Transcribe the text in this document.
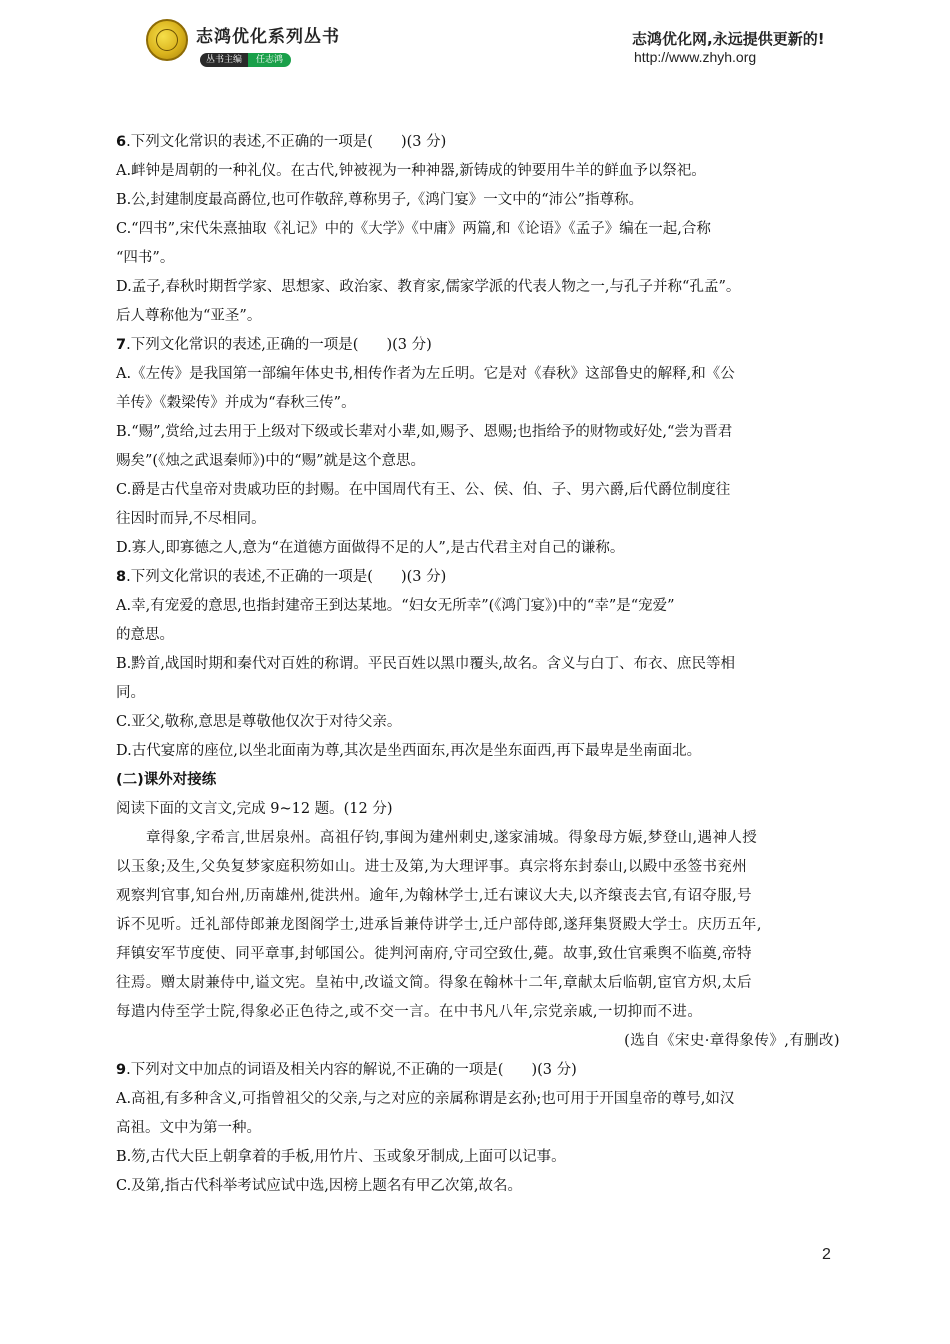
志鸿优化系列丛书
丛书主编 任志鸿
志鸿优化网,永远提供更新的!
http://www.zhyh.org
6.下列文化常识的表述,不正确的一项是( )(3 分)
A.衅钟是周朝的一种礼仪。在古代,钟被视为一种神器,新铸成的钟要用牛羊的鲜血予以祭祀。
B.公,封建制度最高爵位,也可作敬辞,尊称男子,《鸿门宴》一文中的“沛公”指尊称。
C.“四书”,宋代朱熹抽取《礼记》中的《大学》《中庸》两篇,和《论语》《孟子》编在一起,合称
“四书”。
D.孟子,春秋时期哲学家、思想家、政治家、教育家,儒家学派的代表人物之一,与孔子并称“孔孟”。
后人尊称他为“亚圣”。
7.下列文化常识的表述,正确的一项是( )(3 分)
A.《左传》是我国第一部编年体史书,相传作者为左丘明。它是对《春秋》这部鲁史的解释,和《公
羊传》《穀梁传》并成为“春秋三传”。
B.“赐”,赏给,过去用于上级对下级或长辈对小辈,如,赐予、恩赐;也指给予的财物或好处,“尝为晋君
赐矣”(《烛之武退秦师》)中的“赐”就是这个意思。
C.爵是古代皇帝对贵戚功臣的封赐。在中国周代有王、公、侯、伯、子、男六爵,后代爵位制度往
往因时而异,不尽相同。
D.寡人,即寡德之人,意为“在道德方面做得不足的人”,是古代君主对自己的谦称。
8.下列文化常识的表述,不正确的一项是( )(3 分)
A.幸,有宠爱的意思,也指封建帝王到达某地。“妇女无所幸”(《鸿门宴》)中的“幸”是“宠爱”
的意思。
B.黔首,战国时期和秦代对百姓的称谓。平民百姓以黑巾覆头,故名。含义与白丁、布衣、庶民等相
同。
C.亚父,敬称,意思是尊敬他仅次于对待父亲。
D.古代宴席的座位,以坐北面南为尊,其次是坐西面东,再次是坐东面西,再下最卑是坐南面北。
(二)课外对接练
阅读下面的文言文,完成 9~12 题。(12 分)
章得象,字希言,世居泉州。高祖仔钧,事闽为建州刺史,遂家浦城。得象母方娠,梦登山,遇神人授
以玉象;及生,父奂复梦家庭积笏如山。进士及第,为大理评事。真宗将东封泰山,以殿中丞签书兖州
观察判官事,知台州,历南雄州,徙洪州。逾年,为翰林学士,迁右谏议大夫,以齐缞丧去官,有诏夺服,号
诉不见听。迁礼部侍郎兼龙图阁学士,进承旨兼侍讲学士,迁户部侍郎,遂拜集贤殿大学士。庆历五年,
拜镇安军节度使、同平章事,封郇国公。徙判河南府,守司空致仕,薨。故事,致仕官乘舆不临奠,帝特
往焉。赠太尉兼侍中,谥文宪。皇祐中,改谥文简。得象在翰林十二年,章献太后临朝,宦官方炽,太后
每遣内侍至学士院,得象必正色待之,或不交一言。在中书凡八年,宗党亲戚,一切抑而不进。
(选自《宋史·章得象传》,有删改)
9.下列对文中加点的词语及相关内容的解说,不正确的一项是( )(3 分)
A.高祖,有多种含义,可指曾祖父的父亲,与之对应的亲属称谓是玄孙;也可用于开国皇帝的尊号,如汉
高祖。文中为第一种。
B.笏,古代大臣上朝拿着的手板,用竹片、玉或象牙制成,上面可以记事。
C.及第,指古代科举考试应试中选,因榜上题名有甲乙次第,故名。
2
